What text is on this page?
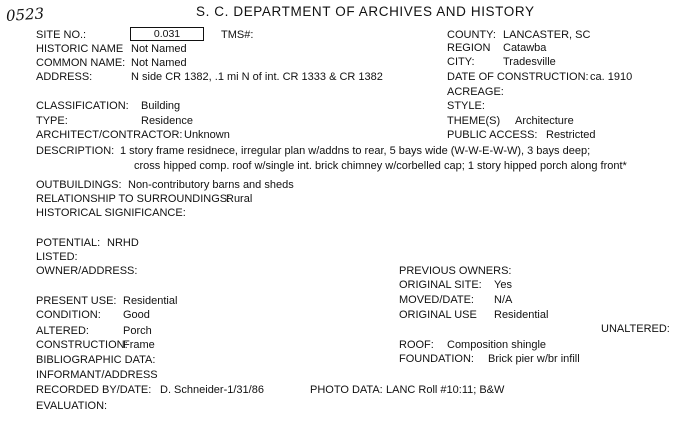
0523	S. C. DEPARTMENT OF ARCHIVES AND HISTORY
SITE NO.:	0.031	TMS#:	COUNTY: LANCASTER, SC
HISTORIC NAME Not Named	REGION Catawba
COMMON NAME: Not Named	CITY:	Tradesville
ADDRESS:	N side CR 1382, .1 mi N of int. CR 1333 & CR 1382	DATE OF CONSTRUCTION: ca. 1910
ACREAGE:
CLASSIFICATION: Building	STYLE:
TYPE:	Residence	THEME(S) Architecture
ARCHITECT/CONTRACTOR: Unknown	PUBLIC ACCESS: Restricted
DESCRIPTION: 1 story frame residnece, irregular plan w/addns to rear, 5 bays wide (W-W-E-W-W), 3 bays deep;
cross hipped comp. roof w/single int. brick chimney w/corbelled cap; 1 story hipped porch along front*
OUTBUILDINGS: Non-contributory barns and sheds
RELATIONSHIP TO SURROUNDINGS:
Rural
HISTORICAL SIGNIFICANCE:
POTENTIAL: NRHD
LISTED:
OWNER/ADDRESS:	PREVIOUS OWNERS:
ORIGINAL SITE: Yes
PRESENT USE: Residential	MOVED/DATE: N/A
CONDITION: Good	ORIGINAL USE Residential
UNALTERED:
ALTERED:	Porch
CONSTRUCTION:
Frame	ROOF: Composition shingle
BIBLIOGRAPHIC DATA:	FOUNDATION: Brick pier w/br infill
INFORMANT/ADDRESS
RECORDED BY/DATE: D. Schneider-1/31/86	PHOTO DATA: LANC Roll #10:11; B&W
EVALUATION:
